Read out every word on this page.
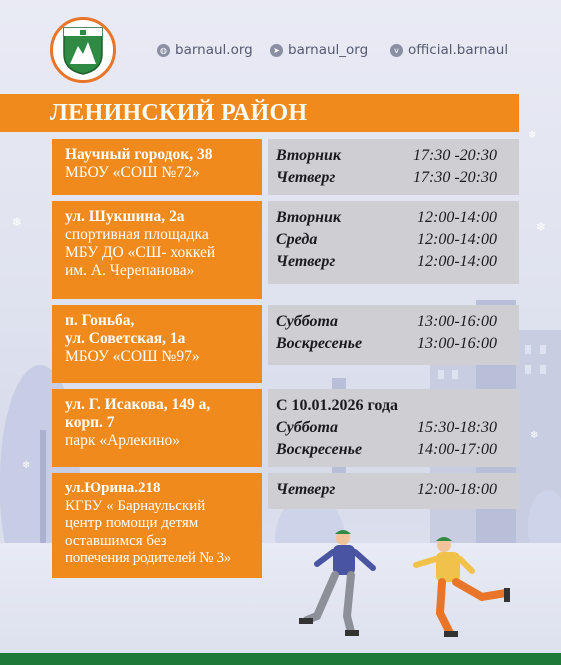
❄	❄
❄
❄
❄
◍ barnaul.org	➤ barnaul_org	v official.barnaul
ЛЕНИНСКИЙ РАЙОН
Научный городок, 38
МБОУ «СОШ №72»
Вторник	17:30 -20:30
Четверг	17:30 -20:30
ул. Шукшина, 2а
спортивная площадка
МБУ ДО «СШ- хоккей
им. А. Черепанова»
Вторник	12:00-14:00
Среда	12:00-14:00
Четверг	12:00-14:00
п. Гоньба,
ул. Советская, 1а
МБОУ «СОШ №97»
Суббота	13:00-16:00
Воскресенье	13:00-16:00
ул. Г. Исакова, 149 а,
корп. 7
парк «Арлекино»
С 10.01.2026 года
Суббота	15:30-18:30
Воскресенье	14:00-17:00
ул.Юрина.218
КГБУ « Барнаульский
центр помощи детям
оставшимся без
попечения родителей № 3»
Четверг	12:00-18:00
